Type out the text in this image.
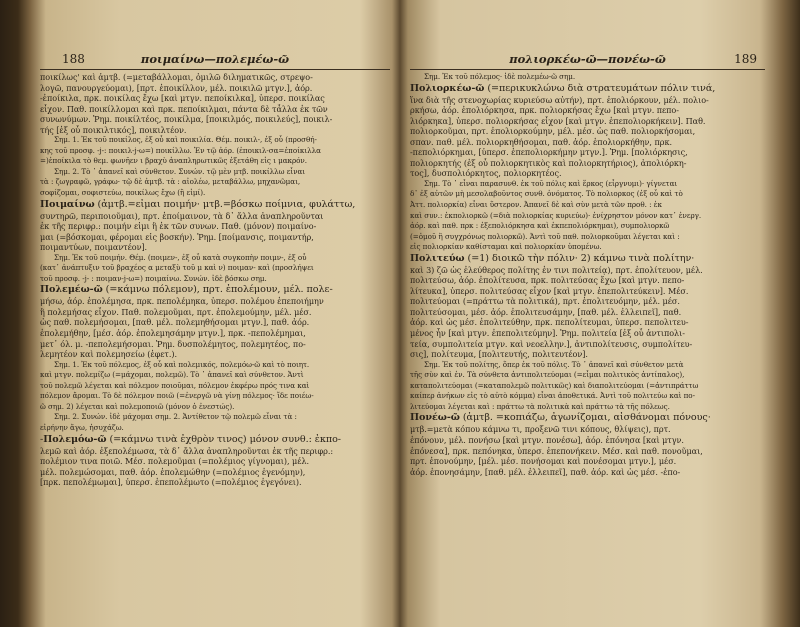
188	ποιμαίνω—πολεμέω-ῶ
ποικίλως' καὶ ἁμτβ. (=μεταβάλλομαι, ὁμιλῶ διληματικῶς, στρεψο-
λογῶ, πανουργεύομαι), [πρτ. ἐποικίλλον, μέλ. ποικιλῶ μτγν.], ἀόρ.
-ἐποίκιλα, πρκ. ποικίλας ἔχω [καὶ μτγν. πεποίκιλκα], ὑπερσ. ποικίλας
εἶχον. Παθ. ποικίλλομαι καὶ πρκ. πεποίκιλμαι, πάντα δὲ τἆλλα ἐκ τῶν
συνωνύμων. Ῥημ. ποικίλτέος, ποικίλμα, [ποικιλμός, ποικιλεύς], ποικιλ-
τής [ἐξ οὗ ποικιλτικός], ποικιλτέον.
Σημ. 1. Ἐκ τοῦ ποικίλος, ἐξ οὗ καὶ ποικιλία. Θέμ. ποικιλ-, ἐξ οὗ (προσθή-
κης τοῦ προσφ. -j-: ποικιλ-j-ω=) ποικίλλω. Ἐν τῷ ἀόρ. (ἐποικιλ-σα=ἐποίκιλλα
=)ἐποίκιλα τὸ θεμ. φωνῆεν ι βραχὺ ἀναπληρωτικῶς ἐξετάθη εἰς ι μακρόν.
Σημ. 2. Τὸ ᾽ ἀπανεῖ καὶ σύνθετον. Συνών. τῷ μὲν μτβ. ποικίλλω εἶναι
τὰ : ζωγραφῶ, γράφω· τῷ δὲ ἀμτβ. τὰ : αἰολέω, μεταβάλλω, μηχανῶμαι,
σοφίζομαι, σοφιστεύω, ποικίλως ἔχω (ἢ εἰμί).
Ποιμαίνω (ἀμτβ.=εἰμαι ποιμήν· μτβ.=βόσκω ποίμνια, φυλάττω,
συντηρῶ, περιποιοῦμαι), πρτ. ἐποίμαινον, τὰ δ᾽ ἄλλα ἀναπληροῦνται
ἐκ τῆς περιφρ.: ποιμήν εἰμι ἢ ἐκ τῶν συνων. Παθ. (μόνον) ποιμαίνο-
μαι (=βόσκομαι, φέρομαι εἰς βοσκήν). Ῥημ. [ποίμανσις, ποιμαντήρ,
ποιμαντύων, ποιμαντέον].
Σημ. Ἐκ τοῦ ποιμήν. Θέμ. (ποιμεν-, ἐξ οὗ κατὰ συγκοπὴν ποιμν-, ἐξ οὗ
(κατ᾽ ἀνάπτυξιν τοῦ βραχέος α μεταξὺ τοῦ μ καὶ ν) ποιμαν- καὶ (προσλήψει
τοῦ προσφ. -j- : ποιμαν-j-ω=) ποιμαίνω. Συνών. ἰδὲ βόσκω σημ.
Πολεμέω-ῶ (=κάμνω πόλεμον), πρτ. ἐπολέμουν, μέλ. πολε-
μήσω, ἀόρ. ἐπολέμησα, πρκ. πεπολέμηκα, ὑπερσ. πολέμου ἐπεποιήμην
ἢ πολεμήσας εἶχον. Παθ. πολεμοῦμαι, πρτ. ἐπολεμούμην, μέλ. μέσ.
ὡς παθ. πολεμήσομαι, [παθ. μέλ. πολεμηθήσομαι μτγν.], παθ. ἀόρ.
ἐπολεμήθην, [μέσ. ἀόρ. ἐπολεμησάμην μτγν.], πρκ. -πεπολέμημαι,
μετ᾽ όλ. μ. -πεπολεμήσομαι. Ῥημ. δυσπολέμητος, πολεμητέος, πο-
λεμητέον καὶ πολεμησείω (ἐφετ.).
Σημ. 1. Ἐκ τοῦ πόλεμος, ἐξ οὗ καὶ πολεμικός, πολεμόω-ῶ καὶ τὸ ποιητ.
καὶ μτγν. πολεμίζω (=μάχομαι, πολεμῶ). Τὸ ᾽ ἀπανεῖ καὶ σύνθετον. Ἀντὶ
τοῦ πολεμῶ λέγεται καὶ πόλεμον ποιοῦμαι, πόλεμον ἐκφέρω πρός τινα καὶ
πόλεμον ἄρομαι. Τὸ δὲ πόλεμον ποιῶ (=ἐνεργῶ νὰ γίνῃ πόλεμος· ἴδε ποιέω-
ῶ σημ. 2) λέγεται καὶ πολεμοποιῶ (μόνον ὁ ἐνεστώς).
Σημ. 2. Συνών. ἰδὲ μάχομαι σημ. 2. Ἀντίθετον τῷ πολεμῶ εἶναι τὰ :
εἰρήνην ἄγω, ἡσυχάζω.
-Πολεμόω-ῶ (=κάμνω τινὰ ἐχθρὸν τινος) μόνον συνθ.: ἐκπο-
λεμῶ καὶ ἀόρ. ἐξεπολέμωσα, τὰ δ᾽ ἄλλα ἀναπληροῦνται ἐκ τῆς περιφρ.:
πολέμιον τινα ποιῶ. Μέσ. πολεμοῦμαι (=πολέμιος γίγνομαι), μέλ.
μέλ. πολεμώσομαι, παθ. ἀόρ. ἐπολεμώθην (=πολέμιος ἐγενόμην),
[πρκ. πεπολέμωμαι], ὑπερσ. ἐπεπολέμωτο (=πολέμιος ἐγεγόνει).
πολιορκέω-ῶ—πονέω-ῶ	189
Σημ. Ἐκ τοῦ πόλεμος· ἰδὲ πολεμέω-ῶ σημ.
Πολιορκέω-ῶ (=περικυκλώνω διὰ στρατευμάτων πόλιν τινά,
ἵνα διὰ τῆς στενοχωρίας κυριεύσω αὐτήν), πρτ. ἐπολιόρκουν, μέλ. πολιο-
ρκήσω, ἀόρ. ἐπολιόρκησα, πρκ. πολιορκήσας ἔχω [καὶ μτγν. πεπο-
λιόρκηκα], ὑπερσ. πολιορκήσας εἶχον [καὶ μτγν. ἐπεπολιορκήκειν]. Παθ.
πολιορκοῦμαι, πρτ. ἐπολιορκούμην, μέλ. μέσ. ὡς παθ. πολιορκήσομαι,
σπαν. παθ. μέλ. πολιορκηθήσομαι, παθ. ἀόρ. ἐπολιορκήθην, πρκ.
-πεπολιόρκημαι, [ὑπερσ. ἐπεπολιορκήμην μτγν.]. Ῥημ. [πολιόρκησις,
πολιορκητής (ἐξ οὗ πολιορκητικὸς καὶ πολιορκητήριος), ἀπολιόρκη-
τος], δυσπολιόρκητος, πολιορκητέος.
Σημ. Τὸ ᾽ εἶναι παρασυνθ. ἐκ τοῦ πόλις καὶ ἕρκος (εἶργνυμι)· γίγνεται
δ᾽ ἐξ αὐτῶν μὴ μεσολαβοῦντος συνθ. ὀνόματος. Τὸ πολιορκος (ἐξ οὗ καὶ τὸ
Ἀττ. πολιορκία) εἶναι ὕστερον. Ἀπανεῖ δὲ καὶ σὺν μετὰ τῶν προθ. : ἐκ
καὶ συν.: ἐκπολιορκῶ (=διὰ πολιορκίας κυριεύω)· ἐνίχρηστον μόνον κατ᾽ ἐνεργ.
ἀόρ. καὶ παθ. πρκ : ἐξεπολιόρκησα καὶ ἐκπεπολιόρκημαι), συμπολιορκῶ
(=ὁμοῦ ἢ συγχρόνως πολιορκῶ). Ἀντὶ τοῦ παθ. πολιορκοῦμαι λέγεται καὶ :
εἰς πολιορκίαν καθίσταμαι καὶ πολιορκίαν ὑπομένω.
Πολιτεύω (=1) διοικῶ τὴν πόλιν· 2) κάμνω τινὰ πολίτην·
καὶ 3) ζῶ ὡς ἐλεύθερος πολίτης ἐν τινι πολιτείᾳ), πρτ. ἐπολίτευον, μέλ.
πολιτεύσω, ἀόρ. ἐπολίτευσα, πρκ. πολιτεύσας ἔχω [καὶ μτγν. πεπο-
λίτευκα], ὑπερσ. πολιτεύσας εἶχον [καὶ μτγν. ἐπεπολιτεύκειν]. Μέσ.
πολιτεύομαι (=πράττω τὰ πολιτικά), πρτ. ἐπολιτευόμην, μέλ. μέσ.
πολιτεύσομαι, μέσ. ἀόρ. ἐπολιτευσάμην, [παθ. μέλ. ἐλλειπεῖ], παθ.
ἀόρ. καὶ ὡς μέσ. ἐπολιτεύθην, πρκ. πεπολίτευμαι, ὑπερσ. πεπολιτευ-
μένος ἦν [καὶ μτγν. ἐπεπολιτεύμην]. Ῥημ. πολιτεία [ἐξ οὗ ἀντιπολι-
τεία, συμπολιτεία μτγν. καὶ νεοελλην.], ἀντιπολίτευσις, συμπολίτευ-
σις], πολίτευμα, [πολιτευτής, πολιτευτέον].
Σημ. Ἐκ τοῦ πολίτης, ὅπερ ἐκ τοῦ πόλις. Τὸ ᾽ ἀπανεῖ καὶ σύνθετον μετὰ
τῆς σὺν καὶ ἐν. Τὰ σύνθετα ἀντιπολιτεύομαι (=εἶμαι πολιτικὸς ἀντίπαλος),
καταπολιτεύομαι (=καταπολεμῶ πολιτικῶς) καὶ διαπολιτεύομαι (=ἀντιπράττω
καίπερ ἀνήκων εἰς τὸ αὐτὸ κόμμα) εἶναι ἀποθετικά. Ἀντὶ τοῦ πολιτεύω καὶ πο-
λιτεύομαι λέγεται καὶ : πράττω τὰ πολιτικὰ καὶ πράττω τὰ τῆς πόλεως.
Πονέω-ῶ (ἀμτβ. =κοπιάζω, ἀγωνίζομαι, αἰσθάνομαι πόνους·
μτβ.=μετὰ κόπου κάμνω τι, προξενῶ τινι κόπους, θλίψεις), πρτ.
ἐπόνουν, μέλ. πονήσω [καὶ μτγν. πονέσω], ἀόρ. ἐπόνησα [καὶ μτγν.
ἐπόνεσα], πρκ. πεπόνηκα, ὑπερσ. ἐπεπονήκειν. Μέσ. καὶ παθ. πονοῦμαι,
πρτ. ἐπονούμην, [μέλ. μέσ. πονήσομαι καὶ πονέσομαι μτγν.], μέσ.
ἀόρ. ἐπονησάμην, [παθ. μέλ. ἐλλειπεῖ], παθ. ἀόρ. καὶ ὡς μέσ. -ἐπο-
